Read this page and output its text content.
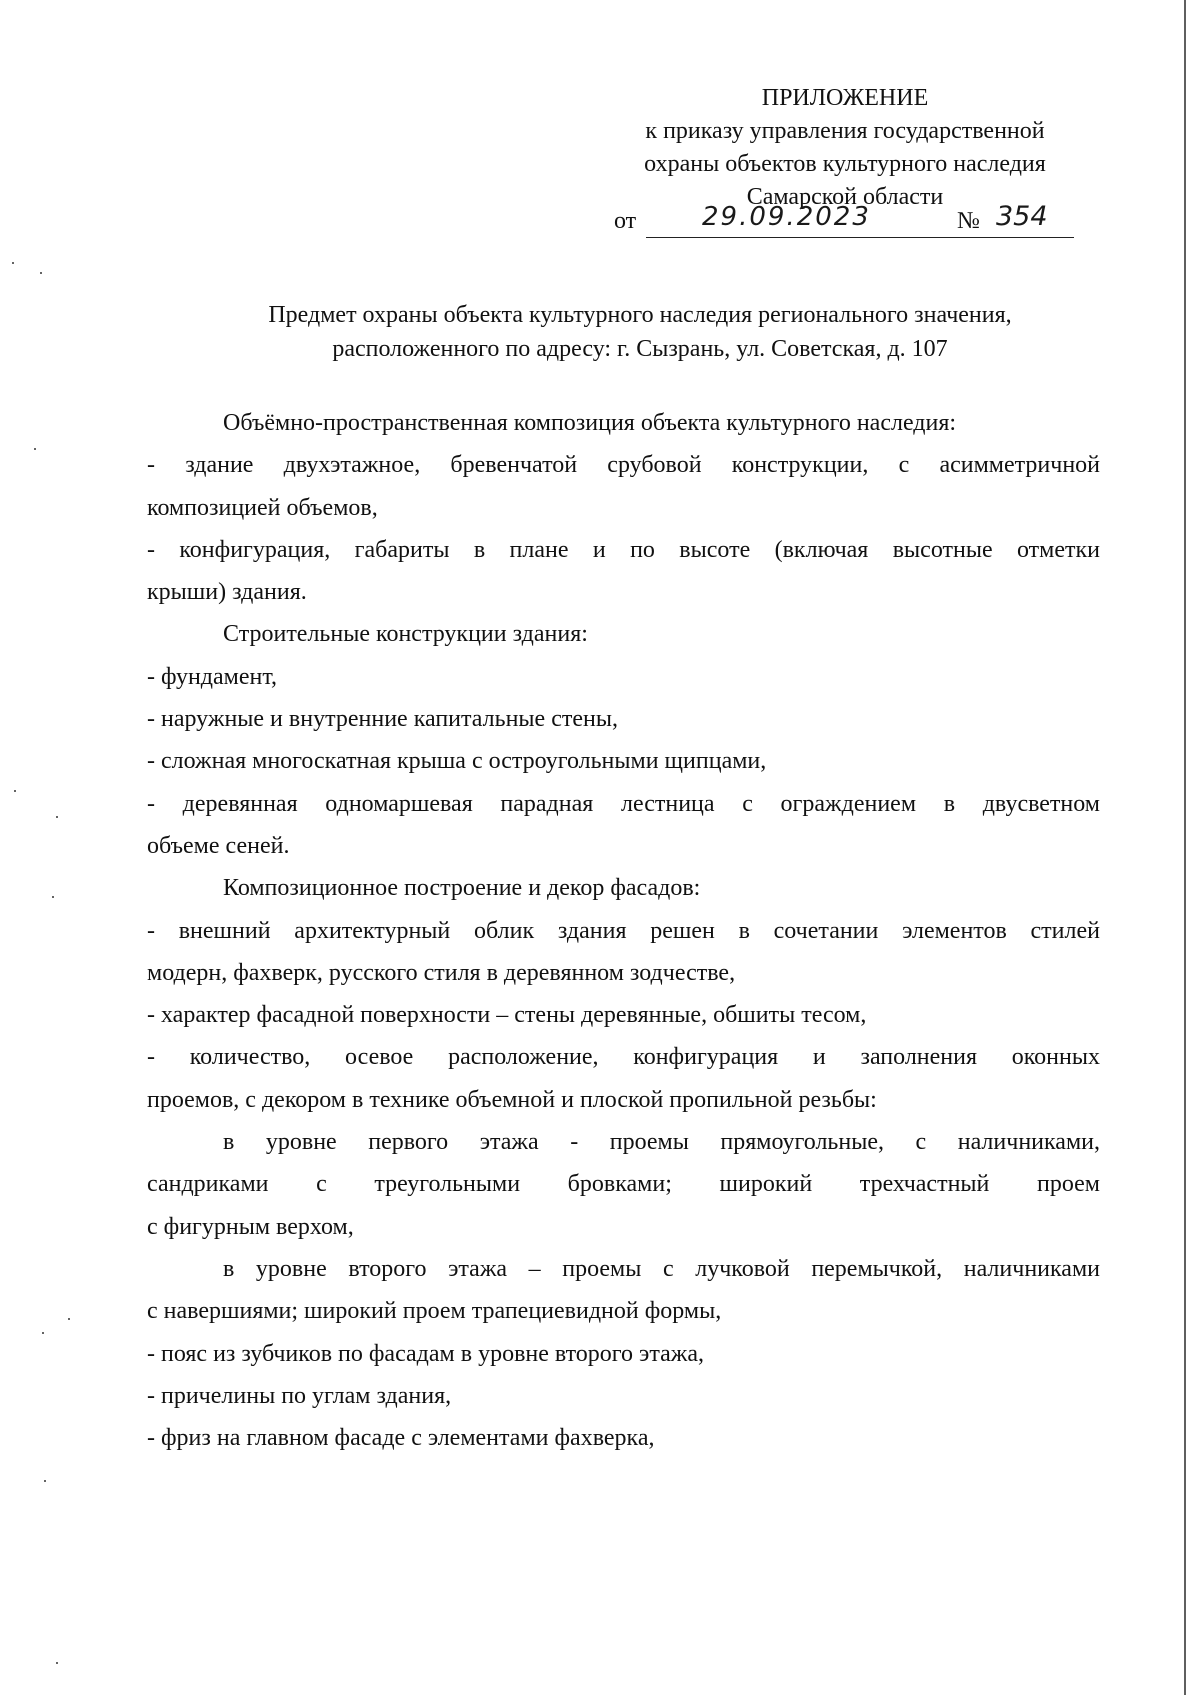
ПРИЛОЖЕНИЕ
к приказу управления государственной
охраны объектов культурного наследия
Самарской области
от	29.09.2023	№ 354
Предмет охраны объекта культурного наследия регионального значения,
расположенного по адресу: г. Сызрань, ул. Советская, д. 107

Объёмно-пространственная композиция объекта культурного наследия:

- здание двухэтажное, бревенчатой срубовой конструкции, с асимметричной

композицией объемов,

- конфигурация, габариты в плане и по высоте (включая высотные отметки

крыши) здания.

Строительные конструкции здания:

- фундамент,

- наружные и внутренние капитальные стены,

- сложная многоскатная крыша с остроугольными щипцами,

- деревянная одномаршевая парадная лестница с ограждением в двусветном

объеме сеней.

Композиционное построение и декор фасадов:

- внешний архитектурный облик здания решен в сочетании элементов стилей

модерн, фахверк, русского стиля в деревянном зодчестве,

- характер фасадной поверхности – стены деревянные, обшиты тесом,

- количество, осевое расположение, конфигурация и заполнения оконных

проемов, с декором в технике объемной и плоской пропильной резьбы:

в уровне первого этажа - проемы прямоугольные, с наличниками,

сандриками с треугольными бровками; широкий трехчастный проем

с фигурным верхом,

в уровне второго этажа – проемы с лучковой перемычкой, наличниками

с навершиями; широкий проем трапециевидной формы,

- пояс из зубчиков по фасадам в уровне второго этажа,

- причелины по углам здания,

- фриз на главном фасаде с элементами фахверка,
